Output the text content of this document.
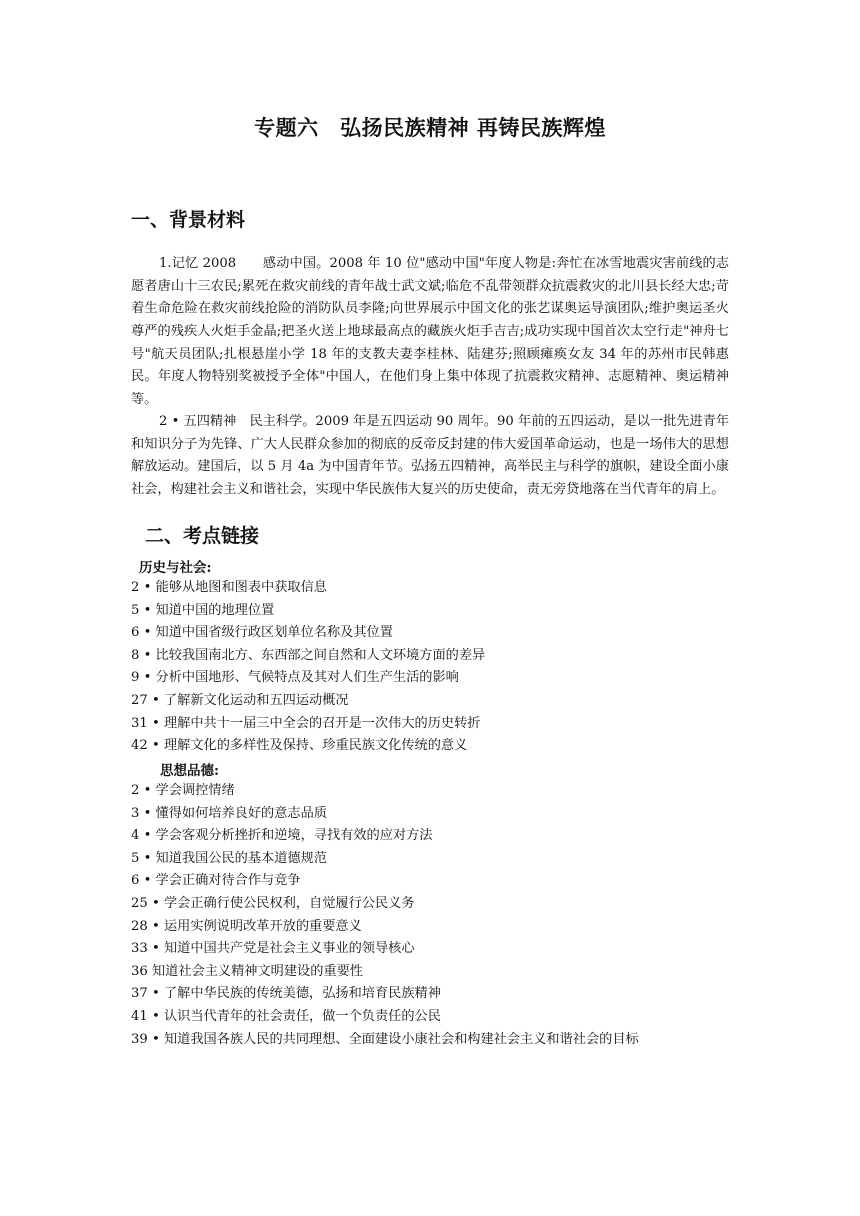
专题六　弘扬民族精神 再铸民族辉煌
一、背景材料

1.记忆 2008　　感动中国。2008 年 10 位"感动中国"年度人物是:奔忙在冰雪地震灾害前线的志愿者唐山十三农民;累死在救灾前线的青年战士武文斌;临危不乱带领群众抗震救灾的北川县长经大忠;苛着生命危险在救灾前线抢险的消防队员李隆;向世界展示中国文化的张艺谋奥运导演团队;维护奥运圣火尊严的残疾人火炬手金晶;把圣火送上地球最高点的藏族火炬手吉吉;成功实现中国首次太空行走"神舟七号"航天员团队;扎根悬崖小学 18 年的支教夫妻李桂林、陆建芬;照顾瘫痪女友 34 年的苏州市民韩惠民。年度人物特别奖被授予全体"中国人，在他们身上集中体现了抗震救灾精神、志愿精神、奥运精神等。

2 • 五四精神　民主科学。2009 年是五四运动 90 周年。90 年前的五四运动，是以一批先进青年和知识分子为先锋、广大人民群众参加的彻底的反帝反封建的伟大爱国革命运动，也是一场伟大的思想解放运动。建国后，以 5 月 4a 为中国青年节。弘扬五四精神，高举民主与科学的旗帜，建设全面小康社会，构建社会主义和谐社会，实现中华民族伟大复兴的历史使命，责无旁贷地落在当代青年的肩上。

二、考点链接
历史与社会:
2 • 能够从地图和图表中获取信息
5 • 知道中国的地理位置
6 • 知道中国省级行政区划单位名称及其位置
8 • 比较我国南北方、东西部之间自然和人文环境方面的差异
9 • 分析中国地形、气候特点及其对人们生产生活的影响
27 • 了解新文化运动和五四运动概况
31 • 理解中共十一届三中全会的召开是一次伟大的历史转折
42 • 理解文化的多样性及保持、珍重民族文化传统的意义
思想品德:
2 • 学会调控情绪
3 • 懂得如何培养良好的意志品质
4 • 学会客观分析挫折和逆境，寻找有效的应对方法
5 • 知道我国公民的基本道德规范
6 • 学会正确对待合作与竞争
25 • 学会正确行使公民权利，自觉履行公民义务
28 • 运用实例说明改革开放的重要意义
33 • 知道中国共产党是社会主义事业的领导核心
36 知道社会主义精神文明建设的重要性
37 • 了解中华民族的传统美德，弘扬和培育民族精神
41 • 认识当代青年的社会责任，做一个负责任的公民
39 • 知道我国各族人民的共同理想、全面建设小康社会和构建社会主义和谐社会的目标
